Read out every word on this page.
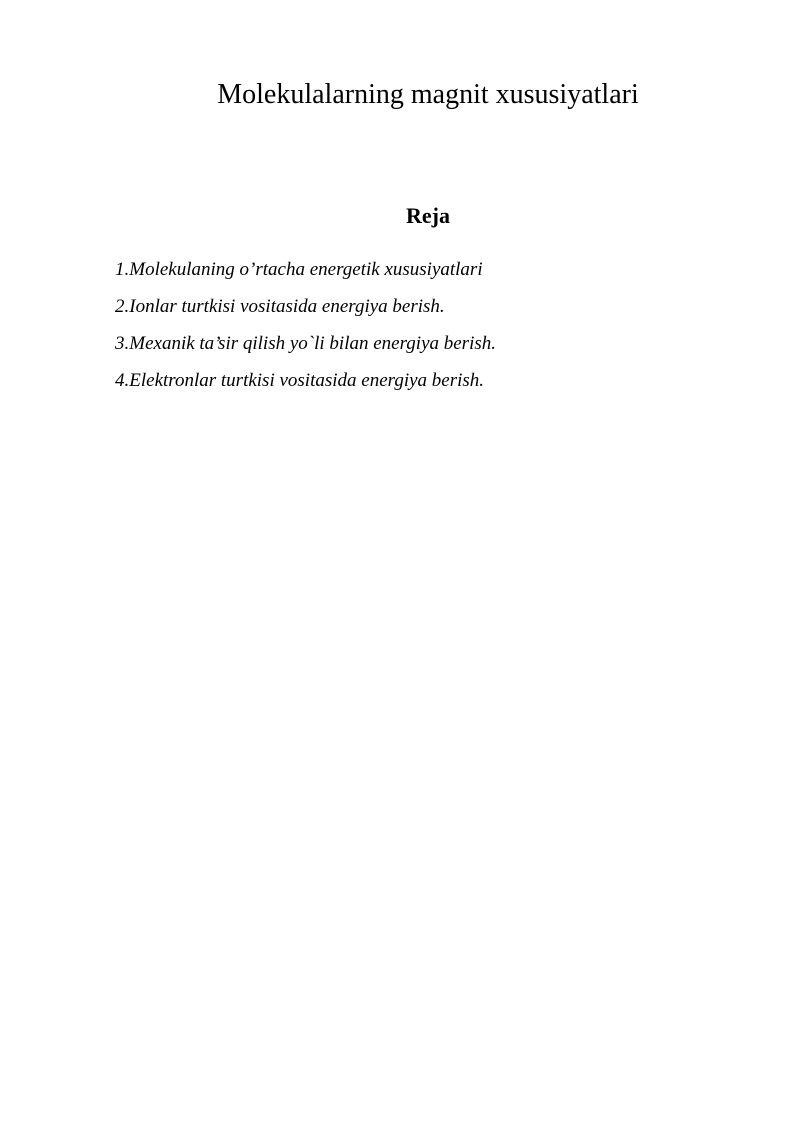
Molekulalarning magnit xususiyatlari
Reja
1.Molekulaning o’rtacha energetik xususiyatlari
2.Ionlar turtkisi vositasida energiya berish.
3.Mexanik ta’sir qilish yo`li bilan energiya berish.
4.Elektronlar turtkisi vositasida energiya berish.
